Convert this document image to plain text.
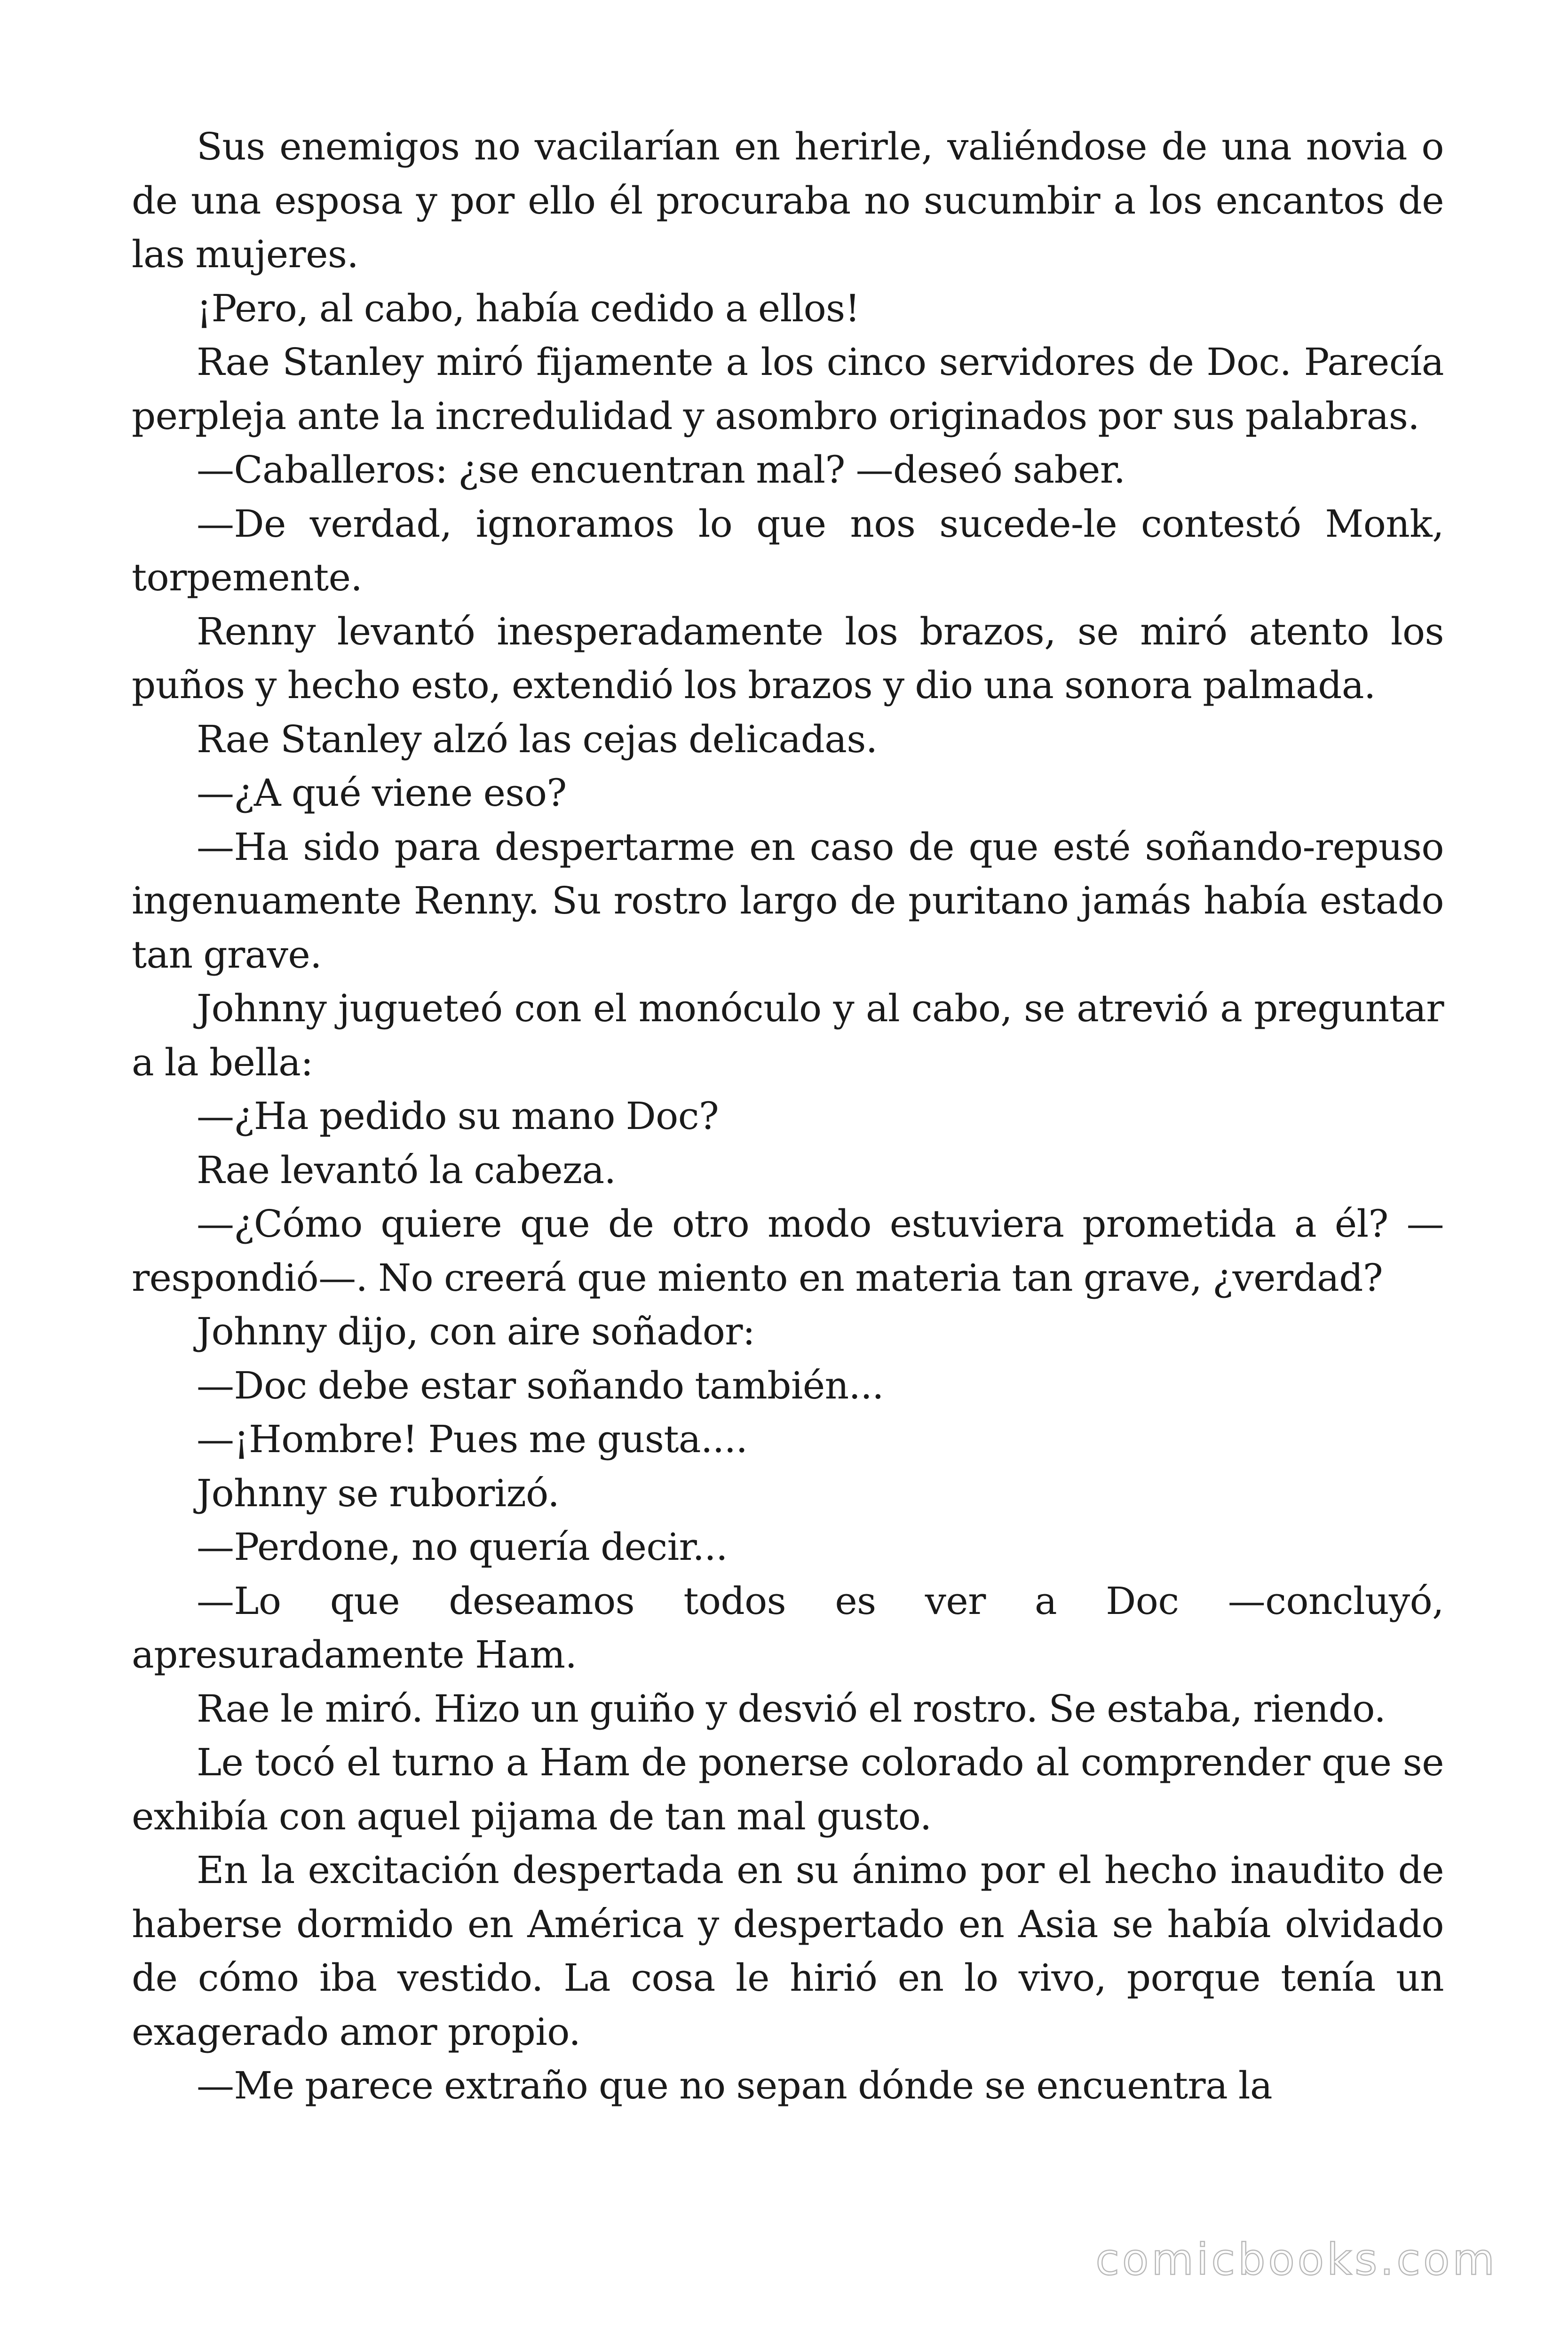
Sus enemigos no vacilarían en herirle, valiéndose de una novia o de una esposa y por ello él procuraba no sucumbir a los encantos de las mujeres.

¡Pero, al cabo, había cedido a ellos!

Rae Stanley miró fijamente a los cinco servidores de Doc. Parecía perpleja ante la incredulidad y asombro originados por sus palabras.

—Caballeros: ¿se encuentran mal? —deseó saber.

—De verdad, ignoramos lo que nos sucede-le contestó Monk, torpemente.

Renny levantó inesperadamente los brazos, se miró atento los puños y hecho esto, extendió los brazos y dio una sonora palmada.

Rae Stanley alzó las cejas delicadas.

—¿A qué viene eso?

—Ha sido para despertarme en caso de que esté soñando-repuso ingenuamente Renny. Su rostro largo de puritano jamás había estado tan grave.

Johnny jugueteó con el monóculo y al cabo, se atrevió a preguntar a la bella:

—¿Ha pedido su mano Doc?

Rae levantó la cabeza.

—¿Cómo quiere que de otro modo estuviera prometida a él? —respondió—. No creerá que miento en materia tan grave, ¿verdad?

Johnny dijo, con aire soñador:

—Doc debe estar soñando también...

—¡Hombre! Pues me gusta....

Johnny se ruborizó.

—Perdone, no quería decir...

—Lo que deseamos todos es ver a Doc —concluyó, apresuradamente Ham.

Rae le miró. Hizo un guiño y desvió el rostro. Se estaba, riendo.

Le tocó el turno a Ham de ponerse colorado al comprender que se exhibía con aquel pijama de tan mal gusto.

En la excitación despertada en su ánimo por el hecho inaudito de haberse dormido en América y despertado en Asia se había olvidado de cómo iba vestido. La cosa le hirió en lo vivo, porque tenía un exagerado amor propio.

—Me parece extraño que no sepan dónde se encuentra la

comicbooks.com
